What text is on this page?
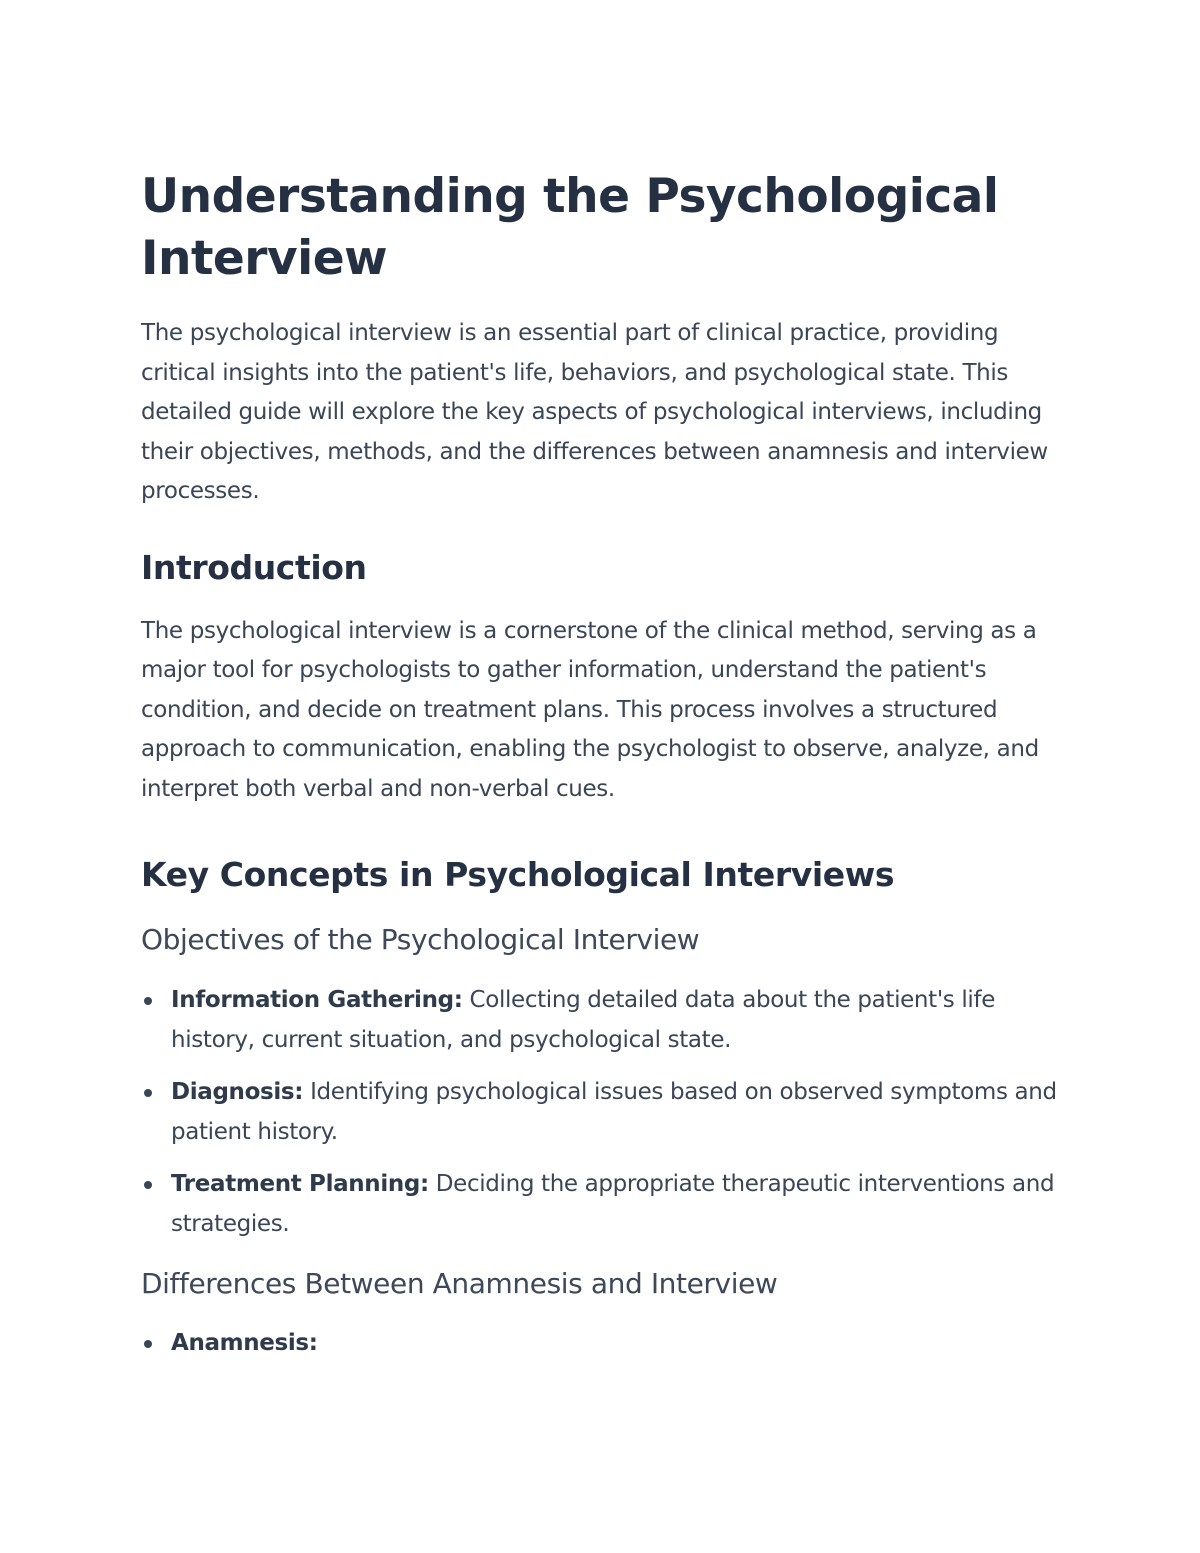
Understanding the Psychological Interview

The psychological interview is an essential part of clinical practice, providing critical insights into the patient's life, behaviors, and psychological state. This detailed guide will explore the key aspects of psychological interviews, including their objectives, methods, and the differences between anamnesis and interview processes.

Introduction

The psychological interview is a cornerstone of the clinical method, serving as a major tool for psychologists to gather information, understand the patient's condition, and decide on treatment plans. This process involves a structured approach to communication, enabling the psychologist to observe, analyze, and interpret both verbal and non-verbal cues.

Key Concepts in Psychological Interviews
Objectives of the Psychological Interview
Information Gathering: Collecting detailed data about the patient's life history, current situation, and psychological state.
Diagnosis: Identifying psychological issues based on observed symptoms and patient history.
Treatment Planning: Deciding the appropriate therapeutic interventions and strategies.
Differences Between Anamnesis and Interview
Anamnesis:
